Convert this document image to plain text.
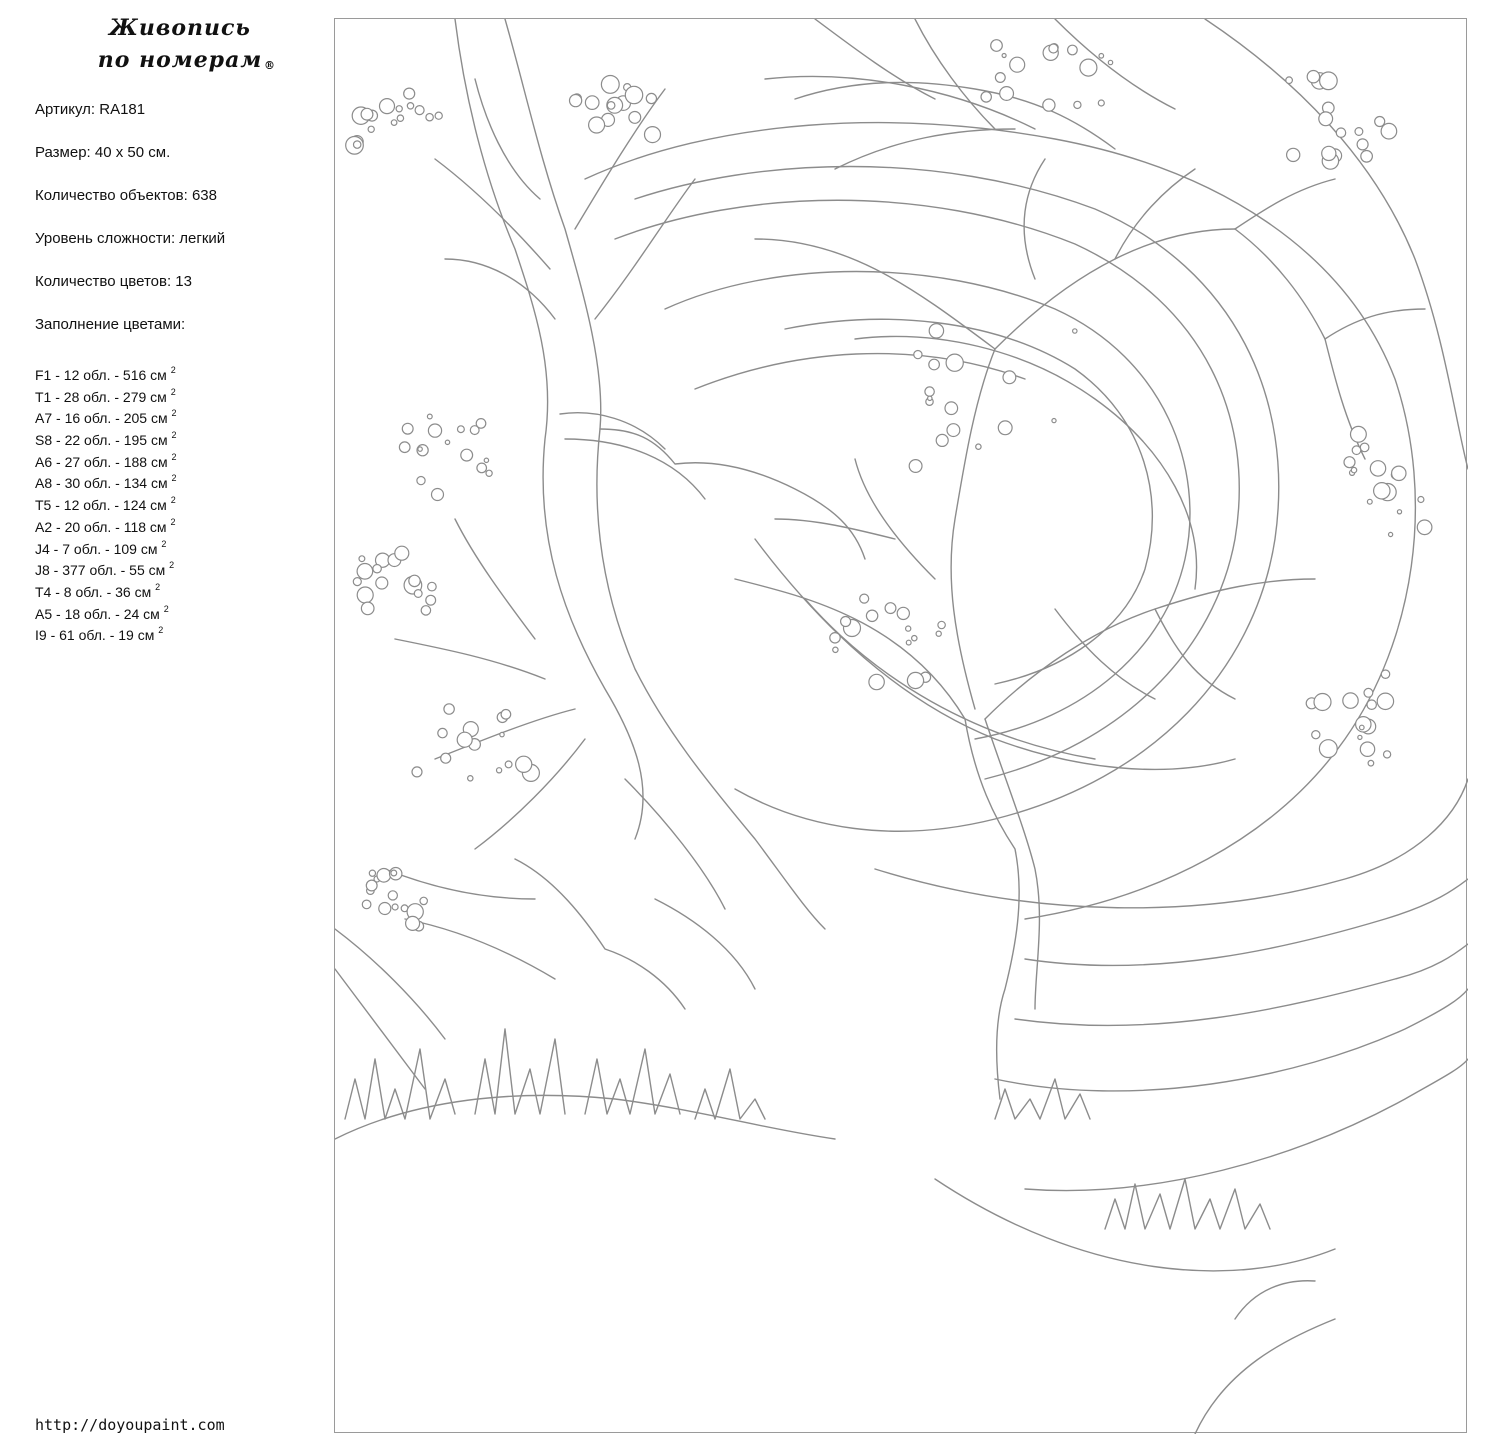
Живопись
по номерам ®
Артикул: RA181
Размер: 40 х 50 см.
Количество объектов: 638
Уровень сложности: легкий
Количество цветов: 13
Заполнение цветами:
F1 - 12 обл. - 516 см $^2$
T1 - 28 обл. - 279 см $^2$
A7 - 16 обл. - 205 см $^2$
S8 - 22 обл. - 195 см $^2$
A6 - 27 обл. - 188 см $^2$
A8 - 30 обл. - 134 см $^2$
T5 - 12 обл. - 124 см $^2$
A2 - 20 обл. - 118 см $^2$
J4 - 7 обл. - 109 см $^2$
J8 - 377 обл. - 55 см $^2$
T4 - 8 обл. - 36 см $^2$
A5 - 18 обл. - 24 см $^2$
I9 - 61 обл. - 19 см $^2$
http://doyoupaint.com
